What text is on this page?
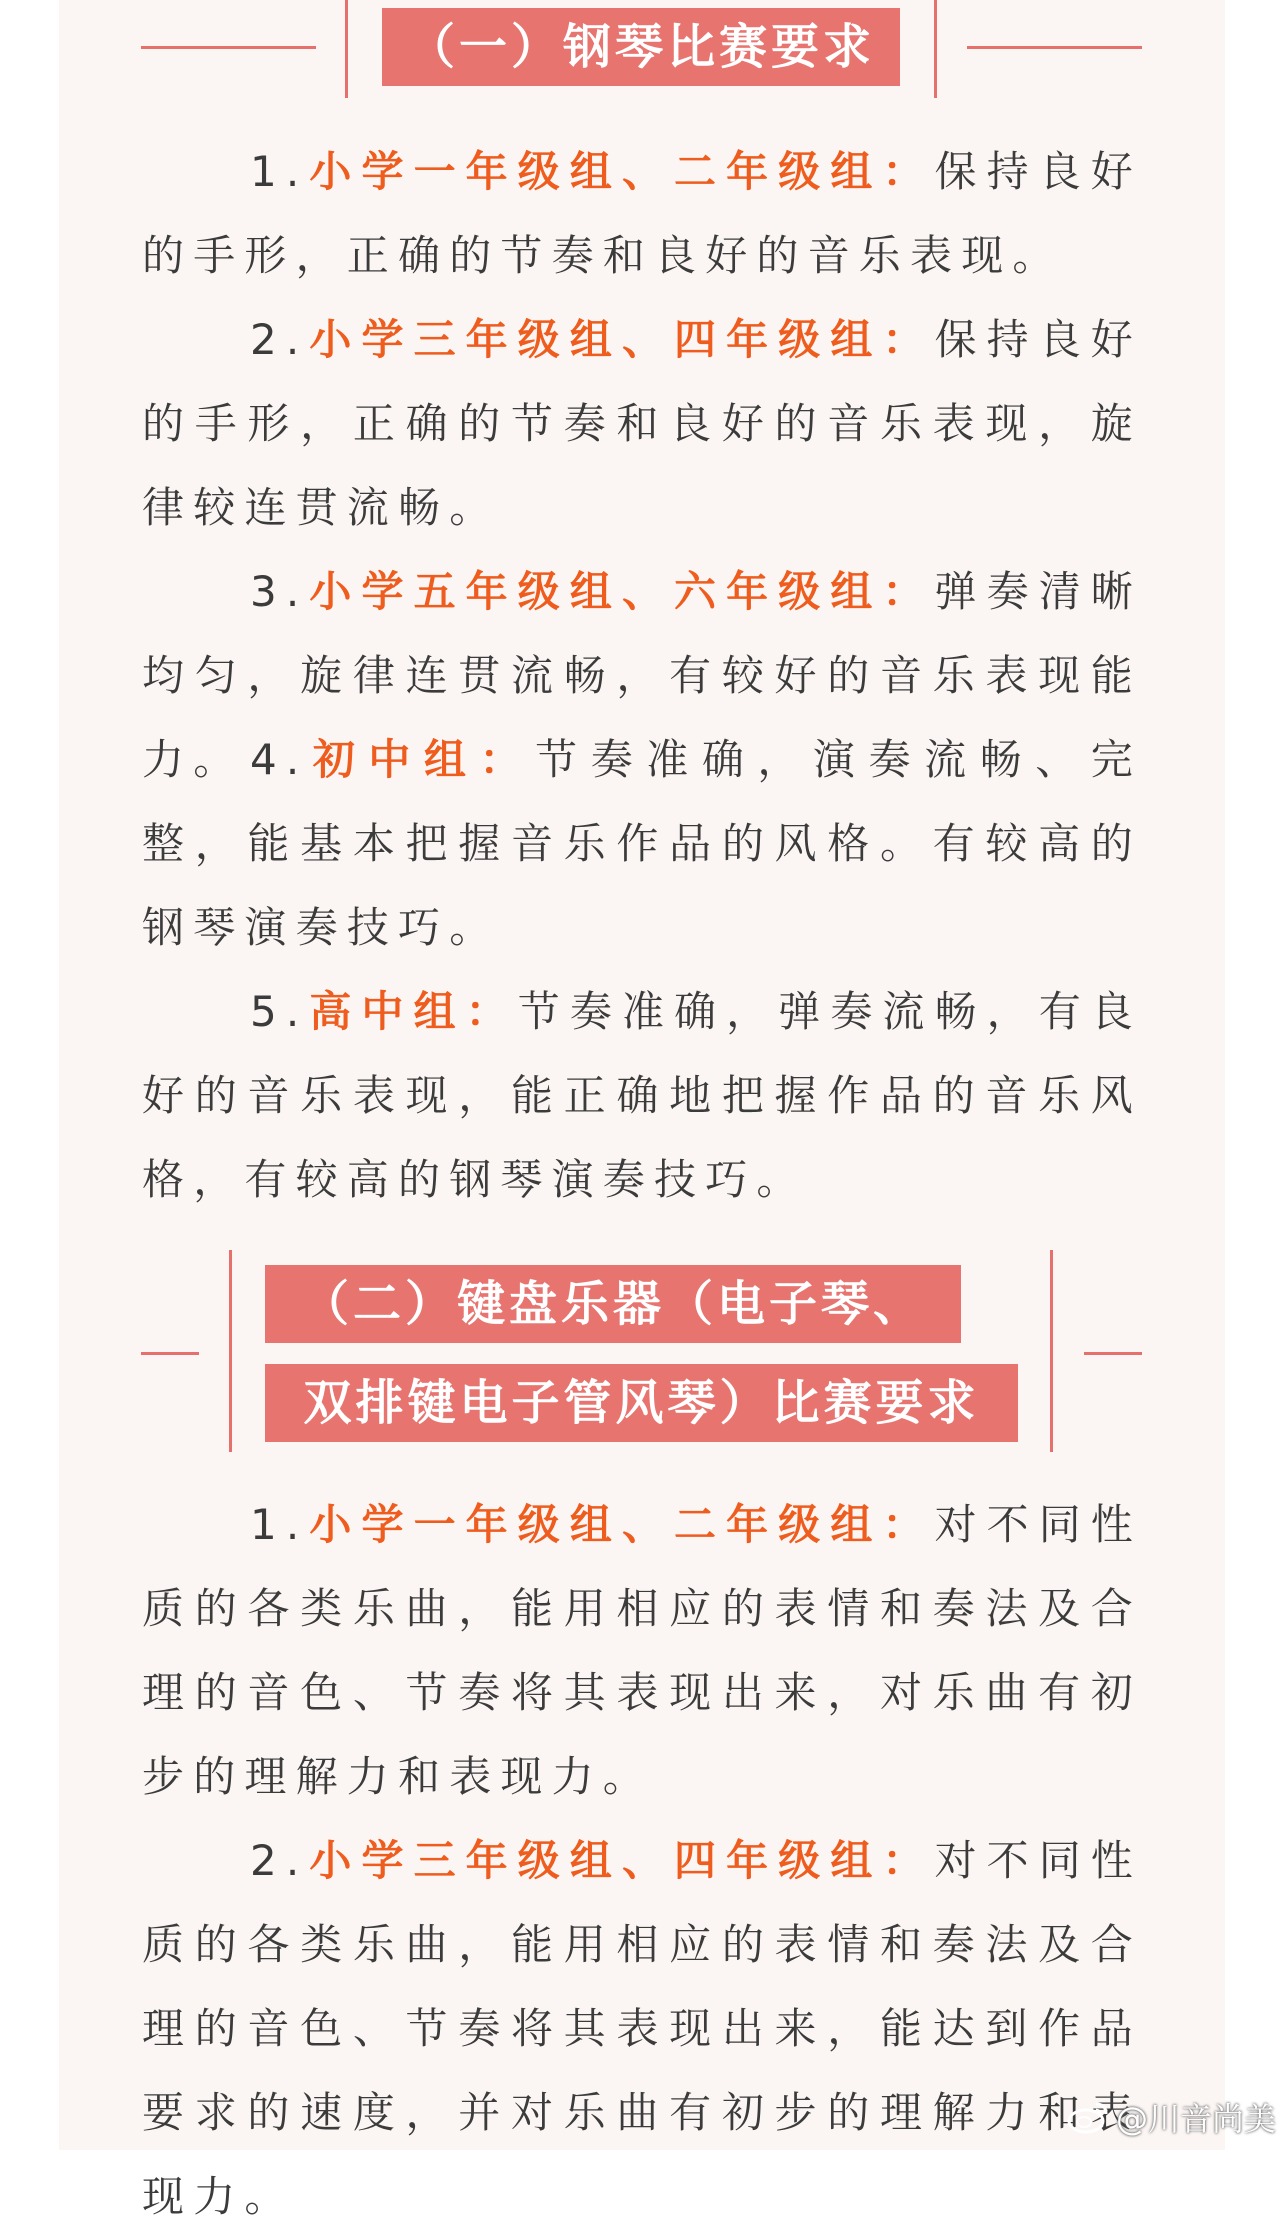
（一）钢琴比赛要求

1.小学一年级组、二年级组：保持良好的手形，正确的节奏和良好的音乐表现。

2.小学三年级组、四年级组：保持良好的手形，正确的节奏和良好的音乐表现，旋律较连贯流畅。

3.小学五年级组、六年级组：弹奏清晰均匀，旋律连贯流畅，有较好的音乐表现能力。 4.初中组：节奏准确，演奏流畅、完整，能基本把握音乐作品的风格。有较高的钢琴演奏技巧。

5.高中组：节奏准确，弹奏流畅，有良好的音乐表现，能正确地把握作品的音乐风格，有较高的钢琴演奏技巧。

（二）键盘乐器（电子琴、
双排键电子管风琴）比赛要求

1.小学一年级组、二年级组：对不同性质的各类乐曲，能用相应的表情和奏法及合理的音色、节奏将其表现出来，对乐曲有初步的理解力和表现力。

2.小学三年级组、四年级组：对不同性质的各类乐曲，能用相应的表情和奏法及合理的音色、节奏将其表现出来，能达到作品要求的速度，并对乐曲有初步的理解力和表现力。

@川音尚美
